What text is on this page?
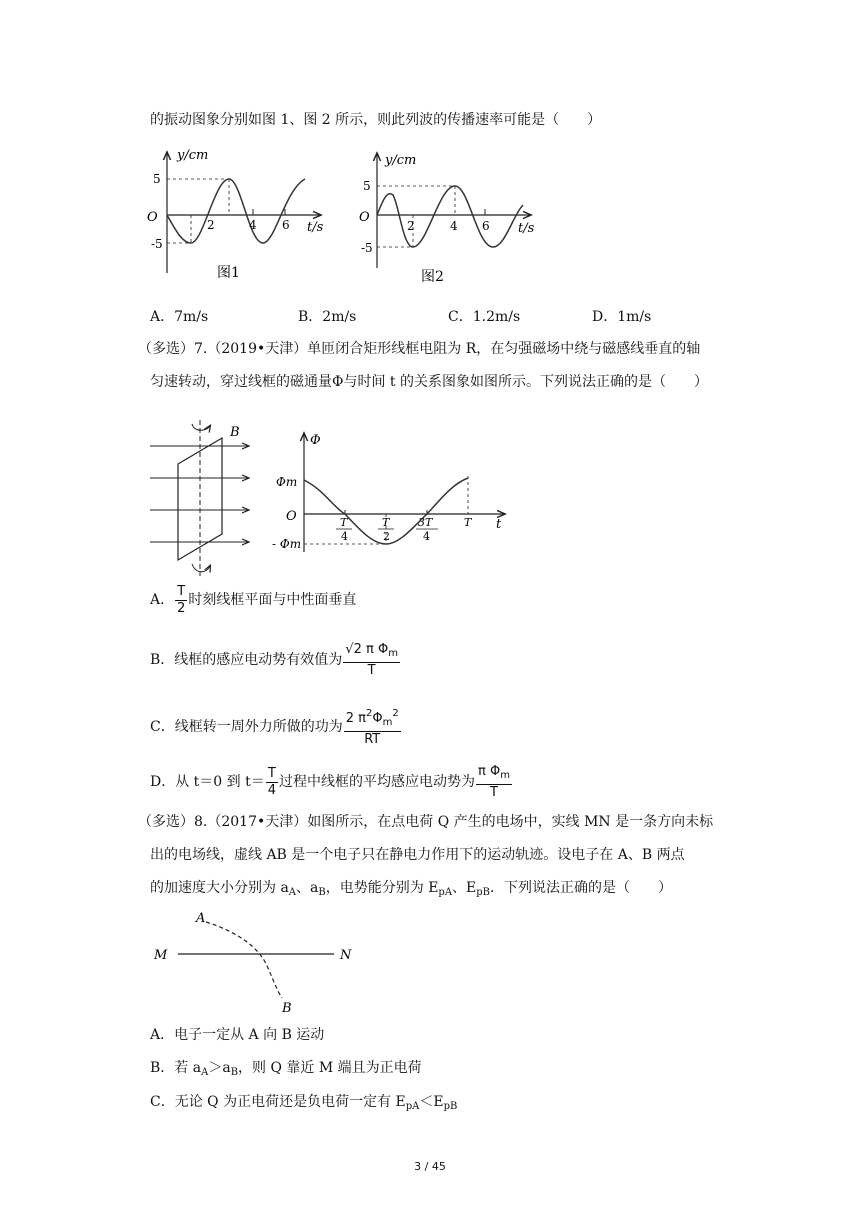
的振动图象分别如图 1、图 2 所示，则此列波的传播速率可能是（　　）
y/cm
O
5
-5
2	4 6 t/s
图1
y/cm
O
5
-5
2	4 6 t/s
图2
A．7m/s	B．2m/s	C．1.2m/s	D．1m/s
（多选）7.（2019•天津）单匝闭合矩形线框电阻为 R，在匀强磁场中绕与磁感线垂直的轴
匀速转动，穿过线框的磁通量Φ与时间 t 的关系图象如图所示。下列说法正确的是（　　）
B
Φ
O
Φm
- Φm
t
T
4
T
2
3T
4
T
A． $\frac{T}{2}$ 时刻线框平面与中性面垂直
B．线框的感应电动势有效值为 $\frac{√2 \pi \Phi_m}{T}$
C．线框转一周外力所做的功为 $\frac{2 \pi^2\Phi_m^2}{RT}$
D．从 t＝0 到 $t= \frac{T}{4}$ 过程中线框的平均感应电动势为 $\frac{\pi \Phi_m}{T}$
（多选）8.（2017•天津）如图所示，在点电荷 Q 产生的电场中，实线 MN 是一条方向未标
出的电场线，虚线 AB 是一个电子只在静电力作用下的运动轨迹。设电子在 A、B 两点
的加速度大小分别为 $a_A$、$a_B$，电势能分别为 $E_{pA}$、$E_{pB}$．下列说法正确的是（　　）
A
B
M	N
A．电子一定从 A 向 B 运动
B．若 $a_A>a_B$，则 Q 靠近 M 端且为正电荷
C．无论 Q 为正电荷还是负电荷一定有 $E_{pA}<E_{pB}$
3 / 45
